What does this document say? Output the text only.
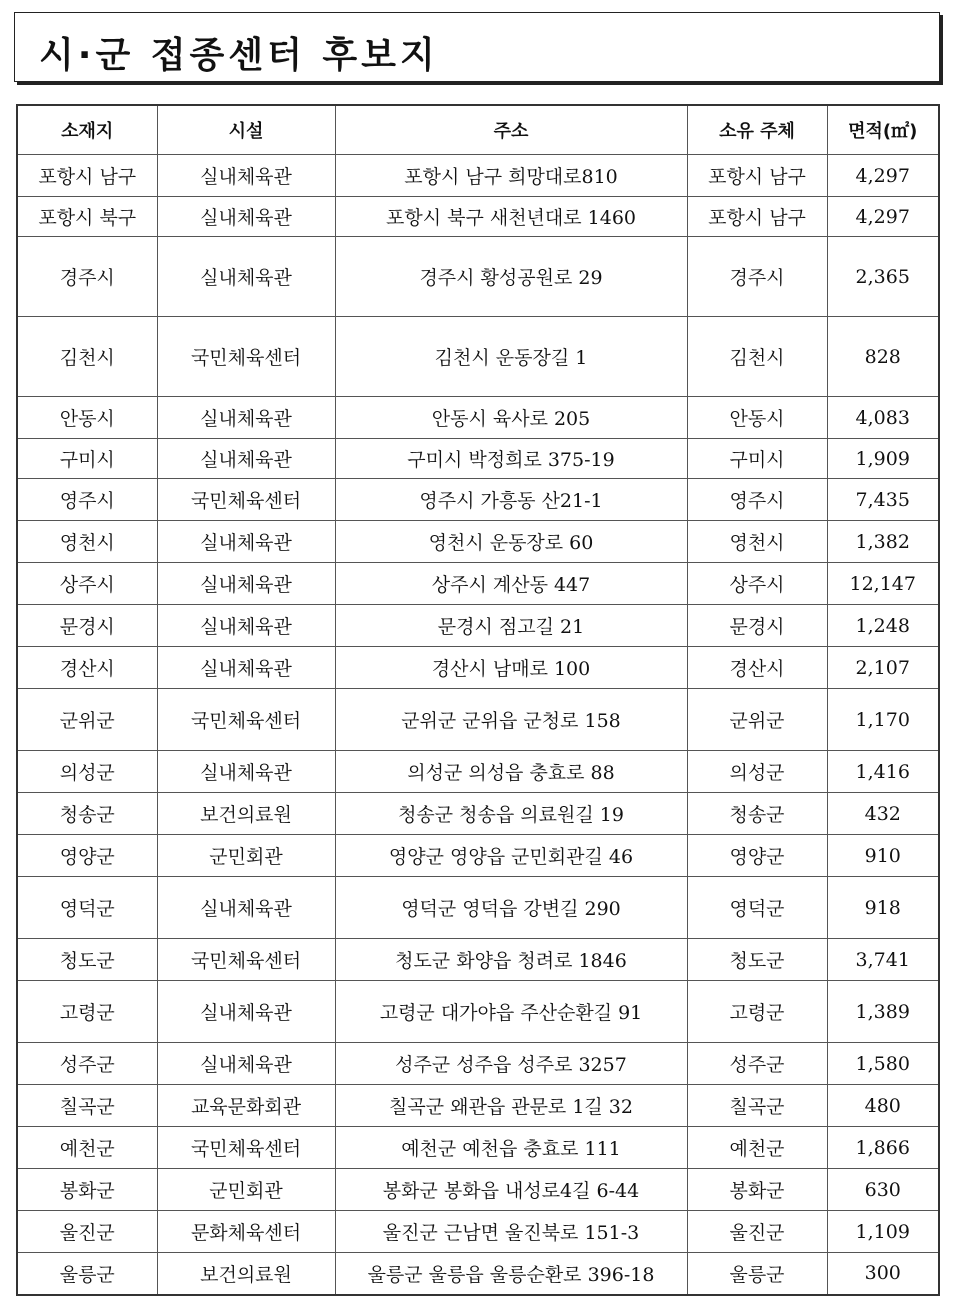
시·군 접종센터 후보지
소재지	시설	주소	소유 주체	면적(㎡)
포항시 남구	실내체육관	포항시 남구 희망대로810	포항시 남구	4,297
포항시 북구	실내체육관	포항시 북구 새천년대로 1460	포항시 남구	4,297
경주시	실내체육관	경주시 황성공원로 29	경주시	2,365
김천시	국민체육센터	김천시 운동장길 1	김천시	828
안동시	실내체육관	안동시 육사로 205	안동시	4,083
구미시	실내체육관	구미시 박정희로 375-19	구미시	1,909
영주시	국민체육센터	영주시 가흥동 산21-1	영주시	7,435
영천시	실내체육관	영천시 운동장로 60	영천시	1,382
상주시	실내체육관	상주시 계산동 447	상주시	12,147
문경시	실내체육관	문경시 점고길 21	문경시	1,248
경산시	실내체육관	경산시 남매로 100	경산시	2,107
군위군	국민체육센터	군위군 군위읍 군청로 158	군위군	1,170
의성군	실내체육관	의성군 의성읍 충효로 88	의성군	1,416
청송군	보건의료원	청송군 청송읍 의료원길 19	청송군	432
영양군	군민회관	영양군 영양읍 군민회관길 46	영양군	910
영덕군	실내체육관	영덕군 영덕읍 강변길 290	영덕군	918
청도군	국민체육센터	청도군 화양읍 청려로 1846	청도군	3,741
고령군	실내체육관	고령군 대가야읍 주산순환길 91	고령군	1,389
성주군	실내체육관	성주군 성주읍 성주로 3257	성주군	1,580
칠곡군	교육문화회관	칠곡군 왜관읍 관문로 1길 32	칠곡군	480
예천군	국민체육센터	예천군 예천읍 충효로 111	예천군	1,866
봉화군	군민회관	봉화군 봉화읍 내성로4길 6-44	봉화군	630
울진군	문화체육센터	울진군 근남면 울진북로 151-3	울진군	1,109
울릉군	보건의료원	울릉군 울릉읍 울릉순환로 396-18	울릉군	300
